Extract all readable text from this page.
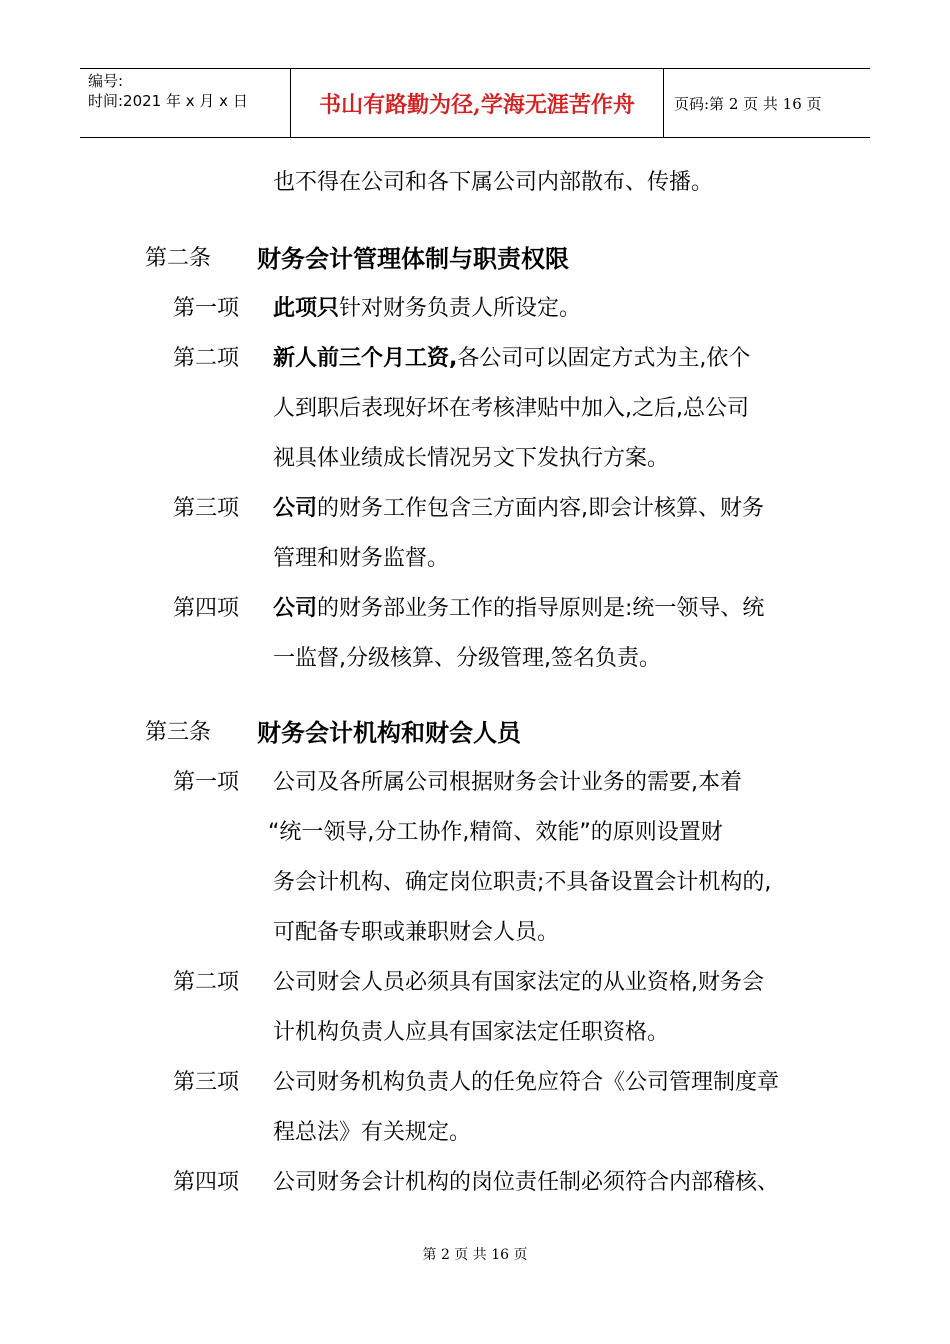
编号:
时间:2021 年 x 月 x 日	书山有路勤为径,学海无涯苦作舟	页码:第 2 页 共 16 页
也不得在公司和各下属公司内部散布、传播。
第二条 财务会计管理体制与职责权限
第一项 此项只针对财务负责人所设定。
第二项 新人前三个月工资,各公司可以固定方式为主,依个
人到职后表现好坏在考核津贴中加入,之后,总公司
视具体业绩成长情况另文下发执行方案。
第三项 公司的财务工作包含三方面内容,即会计核算、财务
管理和财务监督。
第四项 公司的财务部业务工作的指导原则是:统一领导、统
一监督,分级核算、分级管理,签名负责。
第三条 财务会计机构和财会人员
第一项 公司及各所属公司根据财务会计业务的需要,本着
“统一领导,分工协作,精简、效能”的原则设置财
务会计机构、确定岗位职责;不具备设置会计机构的,
可配备专职或兼职财会人员。
第二项 公司财会人员必须具有国家法定的从业资格,财务会
计机构负责人应具有国家法定任职资格。
第三项 公司财务机构负责人的任免应符合《公司管理制度章
程总法》有关规定。
第四项 公司财务会计机构的岗位责任制必须符合内部稽核、
第 2 页 共 16 页
